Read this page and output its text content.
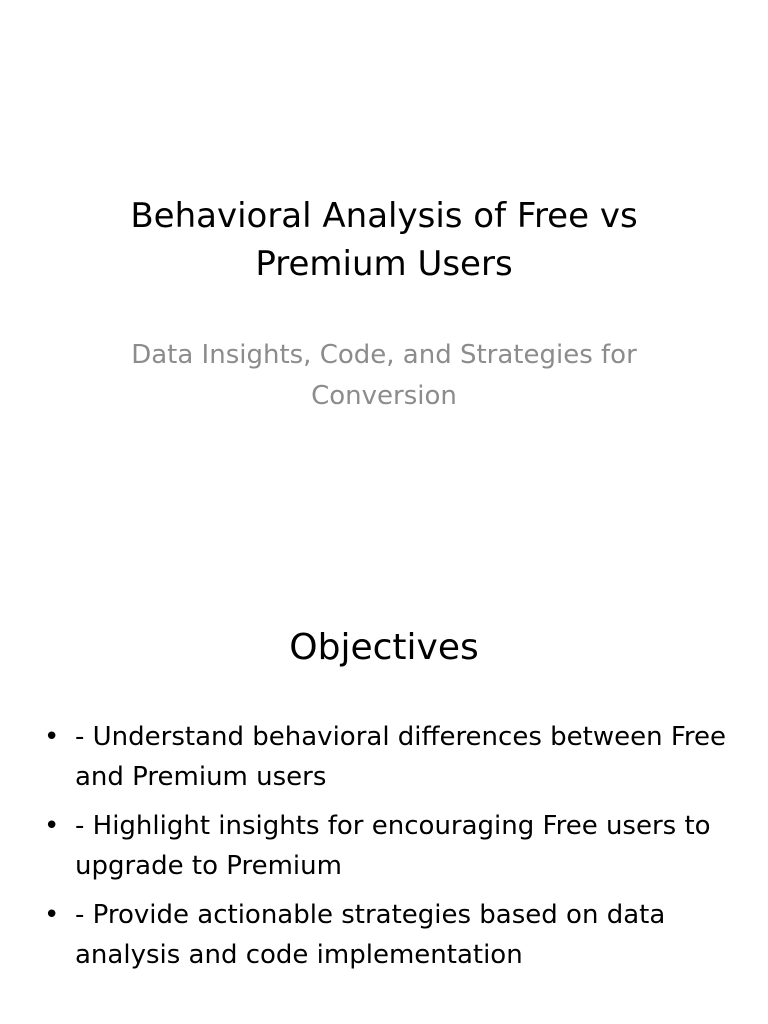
Behavioral Analysis of Free vs Premium Users

Data Insights, Code, and Strategies for Conversion

Objectives
• - Understand behavioral differences between Free and Premium users
• - Highlight insights for encouraging Free users to upgrade to Premium
• - Provide actionable strategies based on data analysis and code implementation
